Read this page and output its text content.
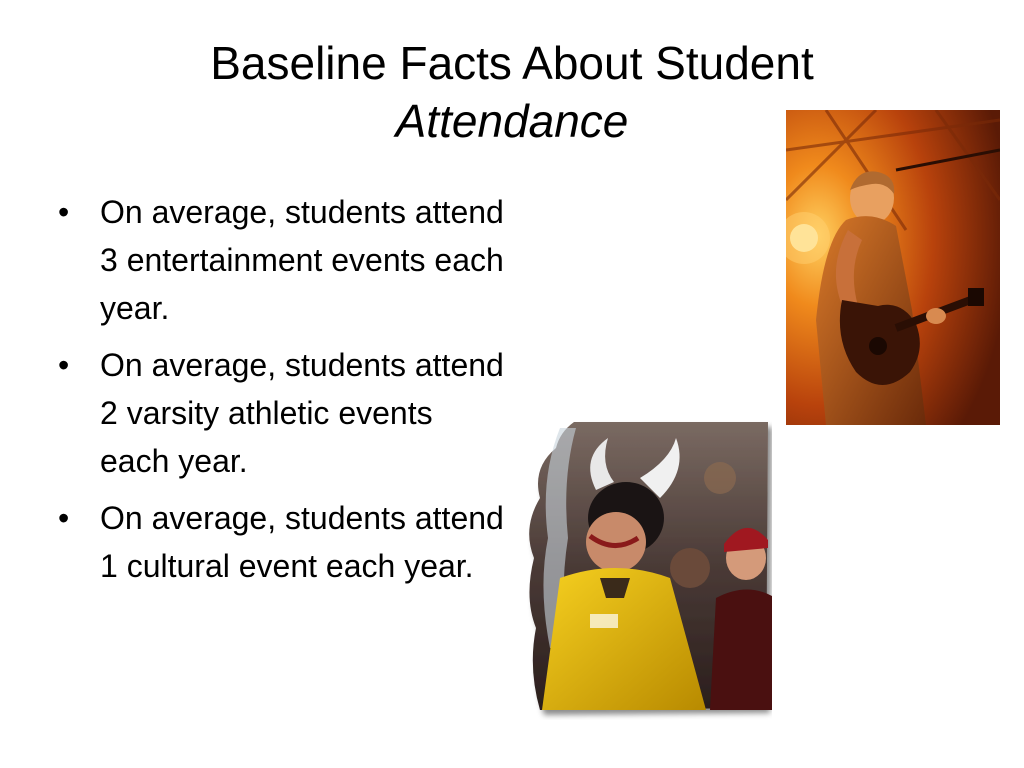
Baseline Facts About Student
Attendance
• On average, students attend 3 entertainment events each year.
• On average, students attend 2 varsity athletic events each year.
• On average, students attend 1 cultural event each year.
